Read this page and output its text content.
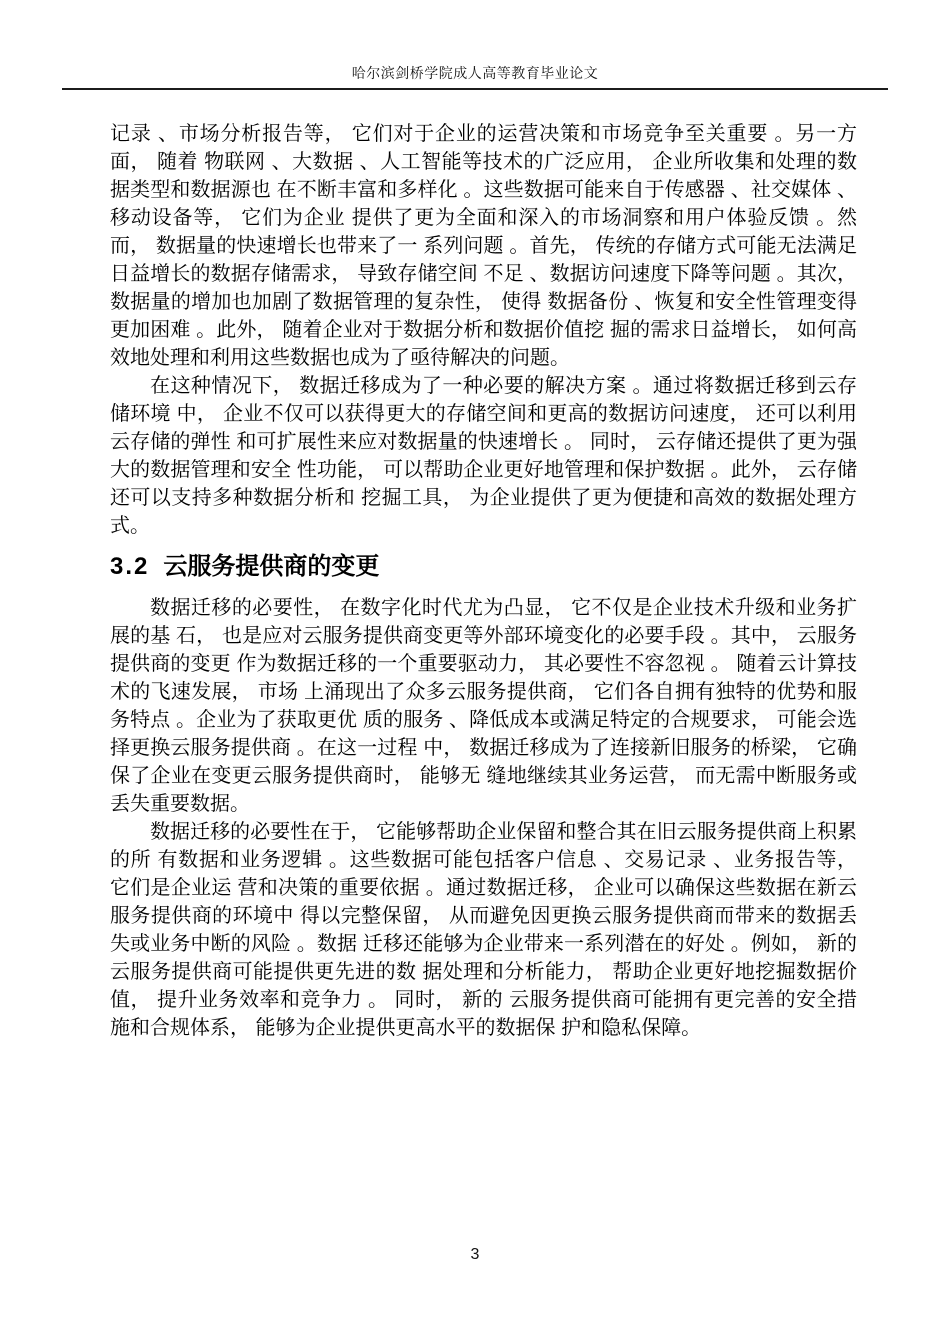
哈尔滨剑桥学院成人高等教育毕业论文

记录 、市场分析报告等， 它们对于企业的运营决策和市场竞争至关重要 。另一方面， 随着 物联网 、大数据 、人工智能等技术的广泛应用， 企业所收集和处理的数据类型和数据源也 在不断丰富和多样化 。这些数据可能来自于传感器 、社交媒体 、移动设备等， 它们为企业 提供了更为全面和深入的市场洞察和用户体验反馈 。然而， 数据量的快速增长也带来了一 系列问题 。首先， 传统的存储方式可能无法满足日益增长的数据存储需求， 导致存储空间 不足 、数据访问速度下降等问题 。其次， 数据量的增加也加剧了数据管理的复杂性， 使得 数据备份 、恢复和安全性管理变得更加困难 。此外， 随着企业对于数据分析和数据价值挖 掘的需求日益增长， 如何高效地处理和利用这些数据也成为了亟待解决的问题。

在这种情况下， 数据迁移成为了一种必要的解决方案 。通过将数据迁移到云存储环境 中， 企业不仅可以获得更大的存储空间和更高的数据访问速度， 还可以利用云存储的弹性 和可扩展性来应对数据量的快速增长 。 同时， 云存储还提供了更为强大的数据管理和安全 性功能， 可以帮助企业更好地管理和保护数据 。此外， 云存储还可以支持多种数据分析和 挖掘工具， 为企业提供了更为便捷和高效的数据处理方式。

3.2 云服务提供商的变更

数据迁移的必要性， 在数字化时代尤为凸显， 它不仅是企业技术升级和业务扩展的基 石， 也是应对云服务提供商变更等外部环境变化的必要手段 。其中， 云服务提供商的变更 作为数据迁移的一个重要驱动力， 其必要性不容忽视 。 随着云计算技术的飞速发展， 市场 上涌现出了众多云服务提供商， 它们各自拥有独特的优势和服务特点 。企业为了获取更优 质的服务 、降低成本或满足特定的合规要求， 可能会选择更换云服务提供商 。在这一过程 中， 数据迁移成为了连接新旧服务的桥梁， 它确保了企业在变更云服务提供商时， 能够无 缝地继续其业务运营， 而无需中断服务或丢失重要数据。

数据迁移的必要性在于， 它能够帮助企业保留和整合其在旧云服务提供商上积累的所 有数据和业务逻辑 。这些数据可能包括客户信息 、交易记录 、业务报告等， 它们是企业运 营和决策的重要依据 。通过数据迁移， 企业可以确保这些数据在新云服务提供商的环境中 得以完整保留， 从而避免因更换云服务提供商而带来的数据丢失或业务中断的风险 。数据 迁移还能够为企业带来一系列潜在的好处 。例如， 新的云服务提供商可能提供更先进的数 据处理和分析能力， 帮助企业更好地挖掘数据价值， 提升业务效率和竞争力 。 同时， 新的 云服务提供商可能拥有更完善的安全措施和合规体系， 能够为企业提供更高水平的数据保 护和隐私保障。

3
